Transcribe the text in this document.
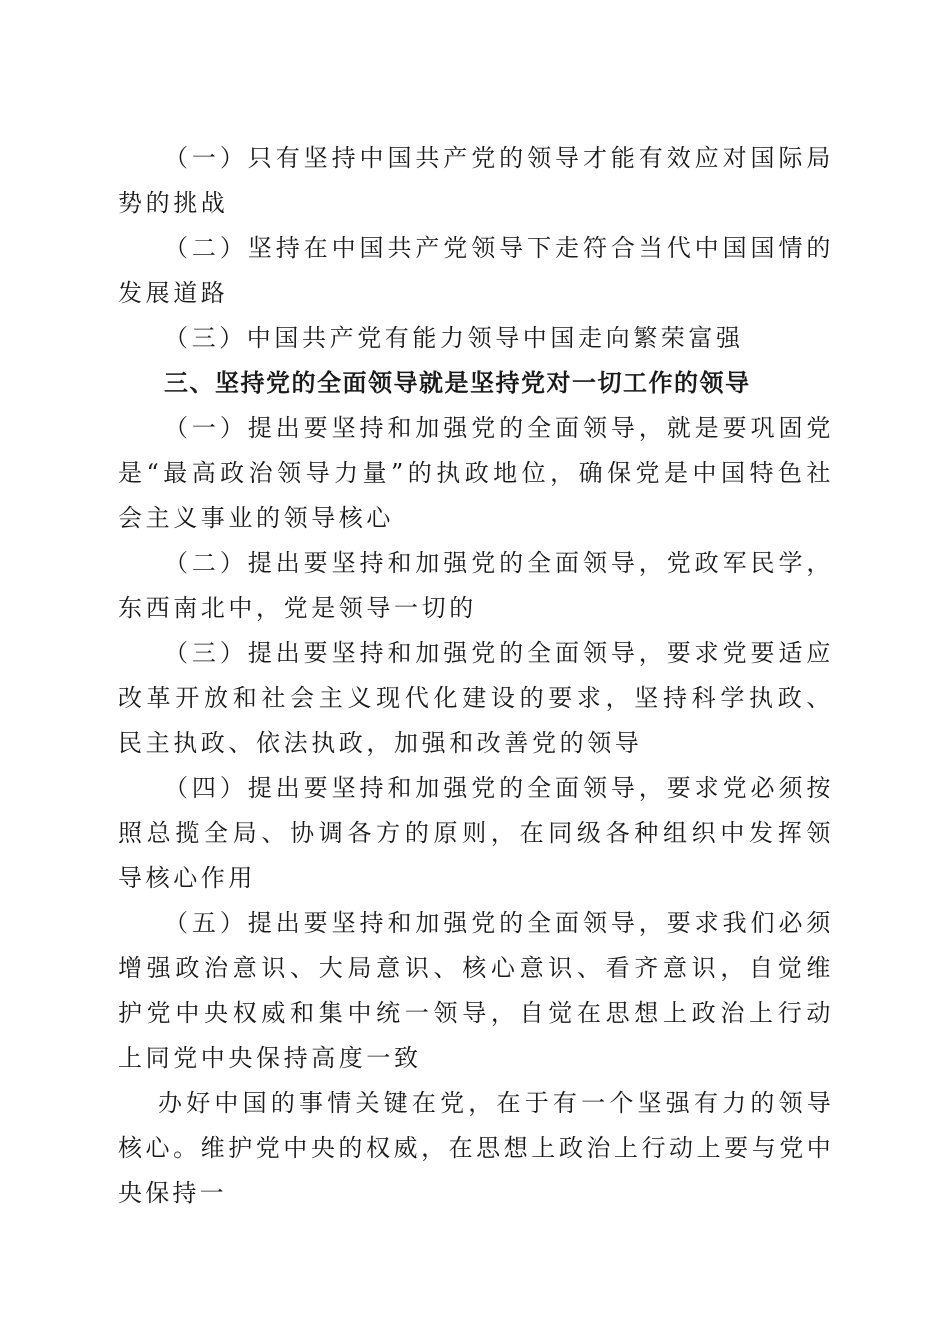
（一）只有坚持中国共产党的领导才能有效应对国际局势的挑战

（二）坚持在中国共产党领导下走符合当代中国国情的发展道路

（三）中国共产党有能力领导中国走向繁荣富强

三、坚持党的全面领导就是坚持党对一切工作的领导

（一）提出要坚持和加强党的全面领导，就是要巩固党是“最高政治领导力量”的执政地位，确保党是中国特色社会主义事业的领导核心

（二）提出要坚持和加强党的全面领导，党政军民学，东西南北中，党是领导一切的

（三）提出要坚持和加强党的全面领导，要求党要适应改革开放和社会主义现代化建设的要求，坚持科学执政、民主执政、依法执政，加强和改善党的领导

（四）提出要坚持和加强党的全面领导，要求党必须按照总揽全局、协调各方的原则，在同级各种组织中发挥领导核心作用

（五）提出要坚持和加强党的全面领导，要求我们必须增强政治意识、大局意识、核心意识、看齐意识，自觉维护党中央权威和集中统一领导，自觉在思想上政治上行动上同党中央保持高度一致

办好中国的事情关键在党，在于有一个坚强有力的领导核心。维护党中央的权威，在思想上政治上行动上要与党中央保持一
